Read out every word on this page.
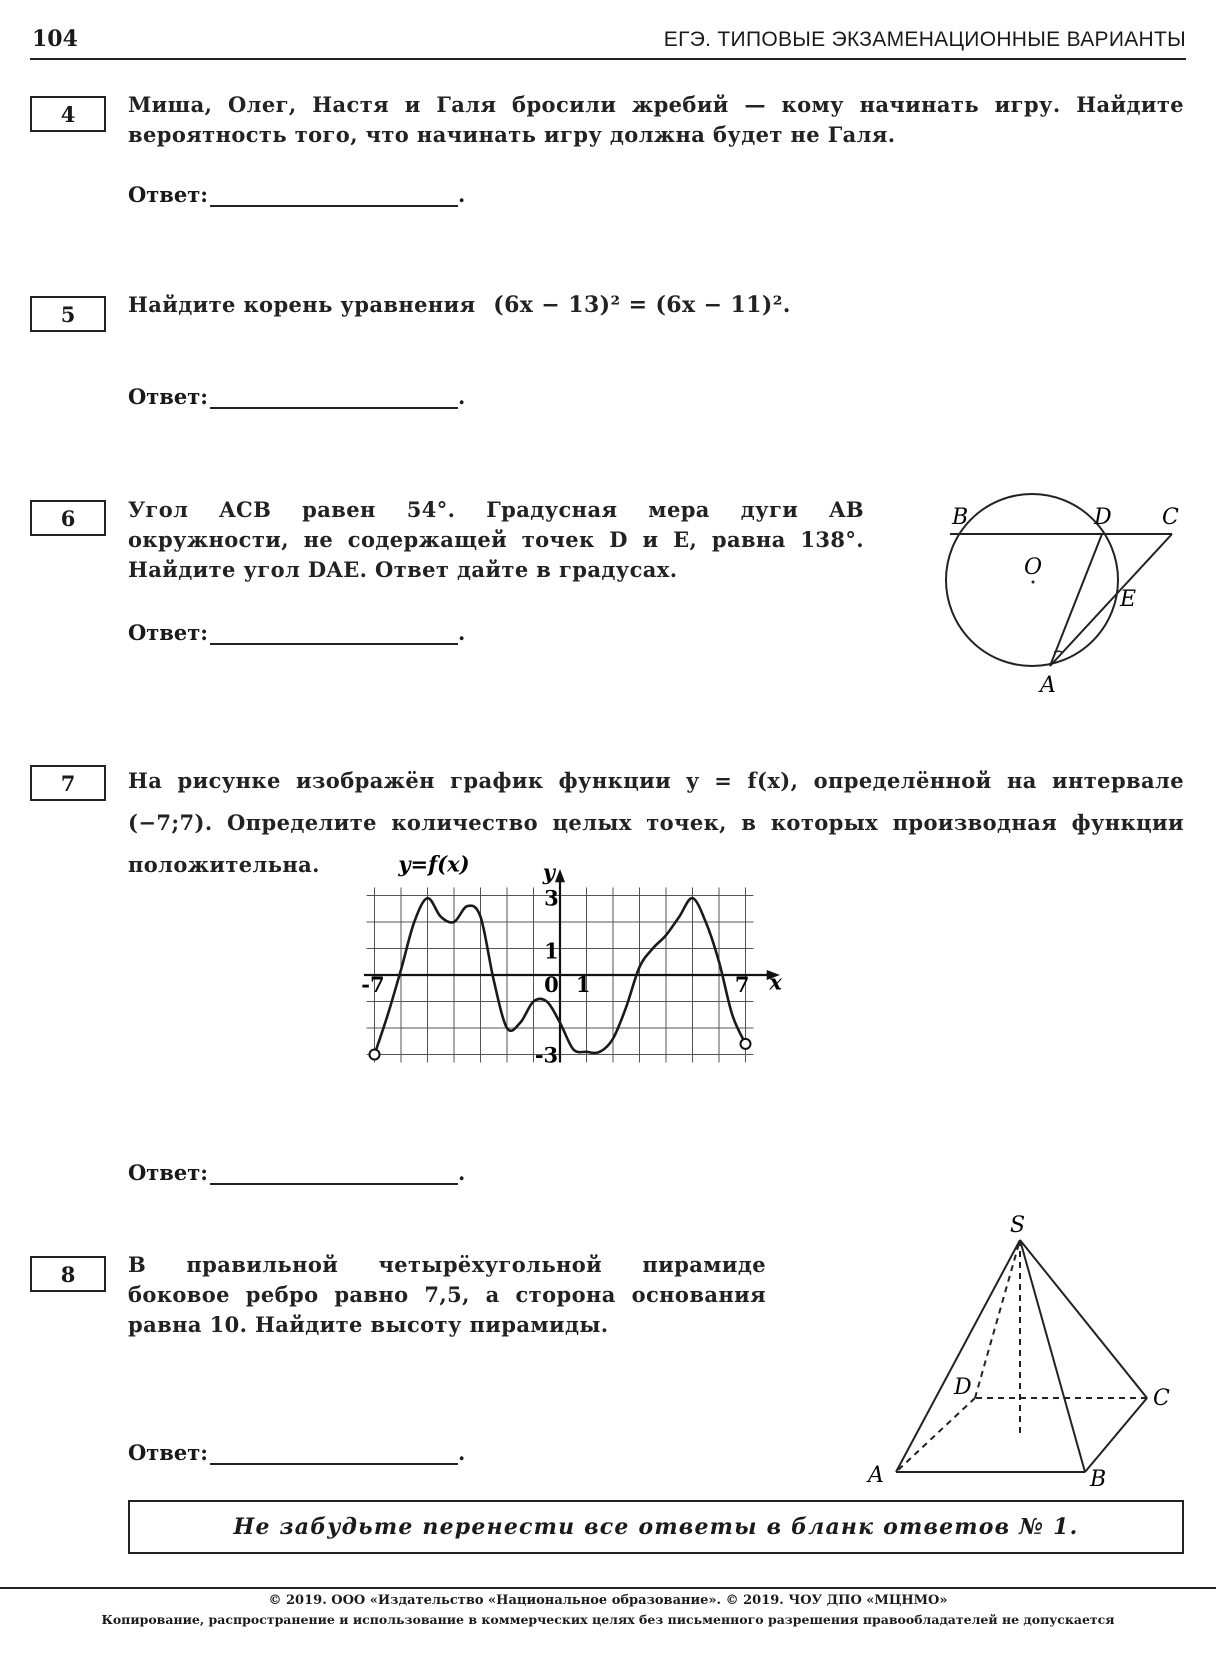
104	ЕГЭ. ТИПОВЫЕ ЭКЗАМЕНАЦИОННЫЕ ВАРИАНТЫ
4	Миша, Олег, Настя и Галя бросили жребий — кому начинать игру. Найдите вероятность того, что начинать игру должна будет не Галя.
Ответ:	.
5	Найдите корень уравнения (6x − 13)² = (6x − 11)².
Ответ:	.
6	Угол ACB равен 54°. Градусная мера дуги AB окружности, не содержащей точек D и E, равна 138°. Найдите угол DAE. Ответ дайте в градусах.
Ответ:	.
B	D C
O
E
A
7	На рисунке изображён график функции y = f(x), определённой на интервале (−7;7). Определите количество целых точек, в которых производная функции положительна.	y=f(x)	y
x
-7	0 1	7
3
1
-3
Ответ:	.
8	В правильной четырёхугольной пирамиде боковое ребро равно 7,5, а сторона основания равна 10. Найдите высоту пирамиды.
Ответ:	.
S
A	B
C
D
Не забудьте перенести все ответы в бланк ответов № 1.
© 2019. ООО «Издательство «Национальное образование». © 2019. ЧОУ ДПО «МЦНМО»
Копирование, распространение и использование в коммерческих целях без письменного разрешения правообладателей не допускается
